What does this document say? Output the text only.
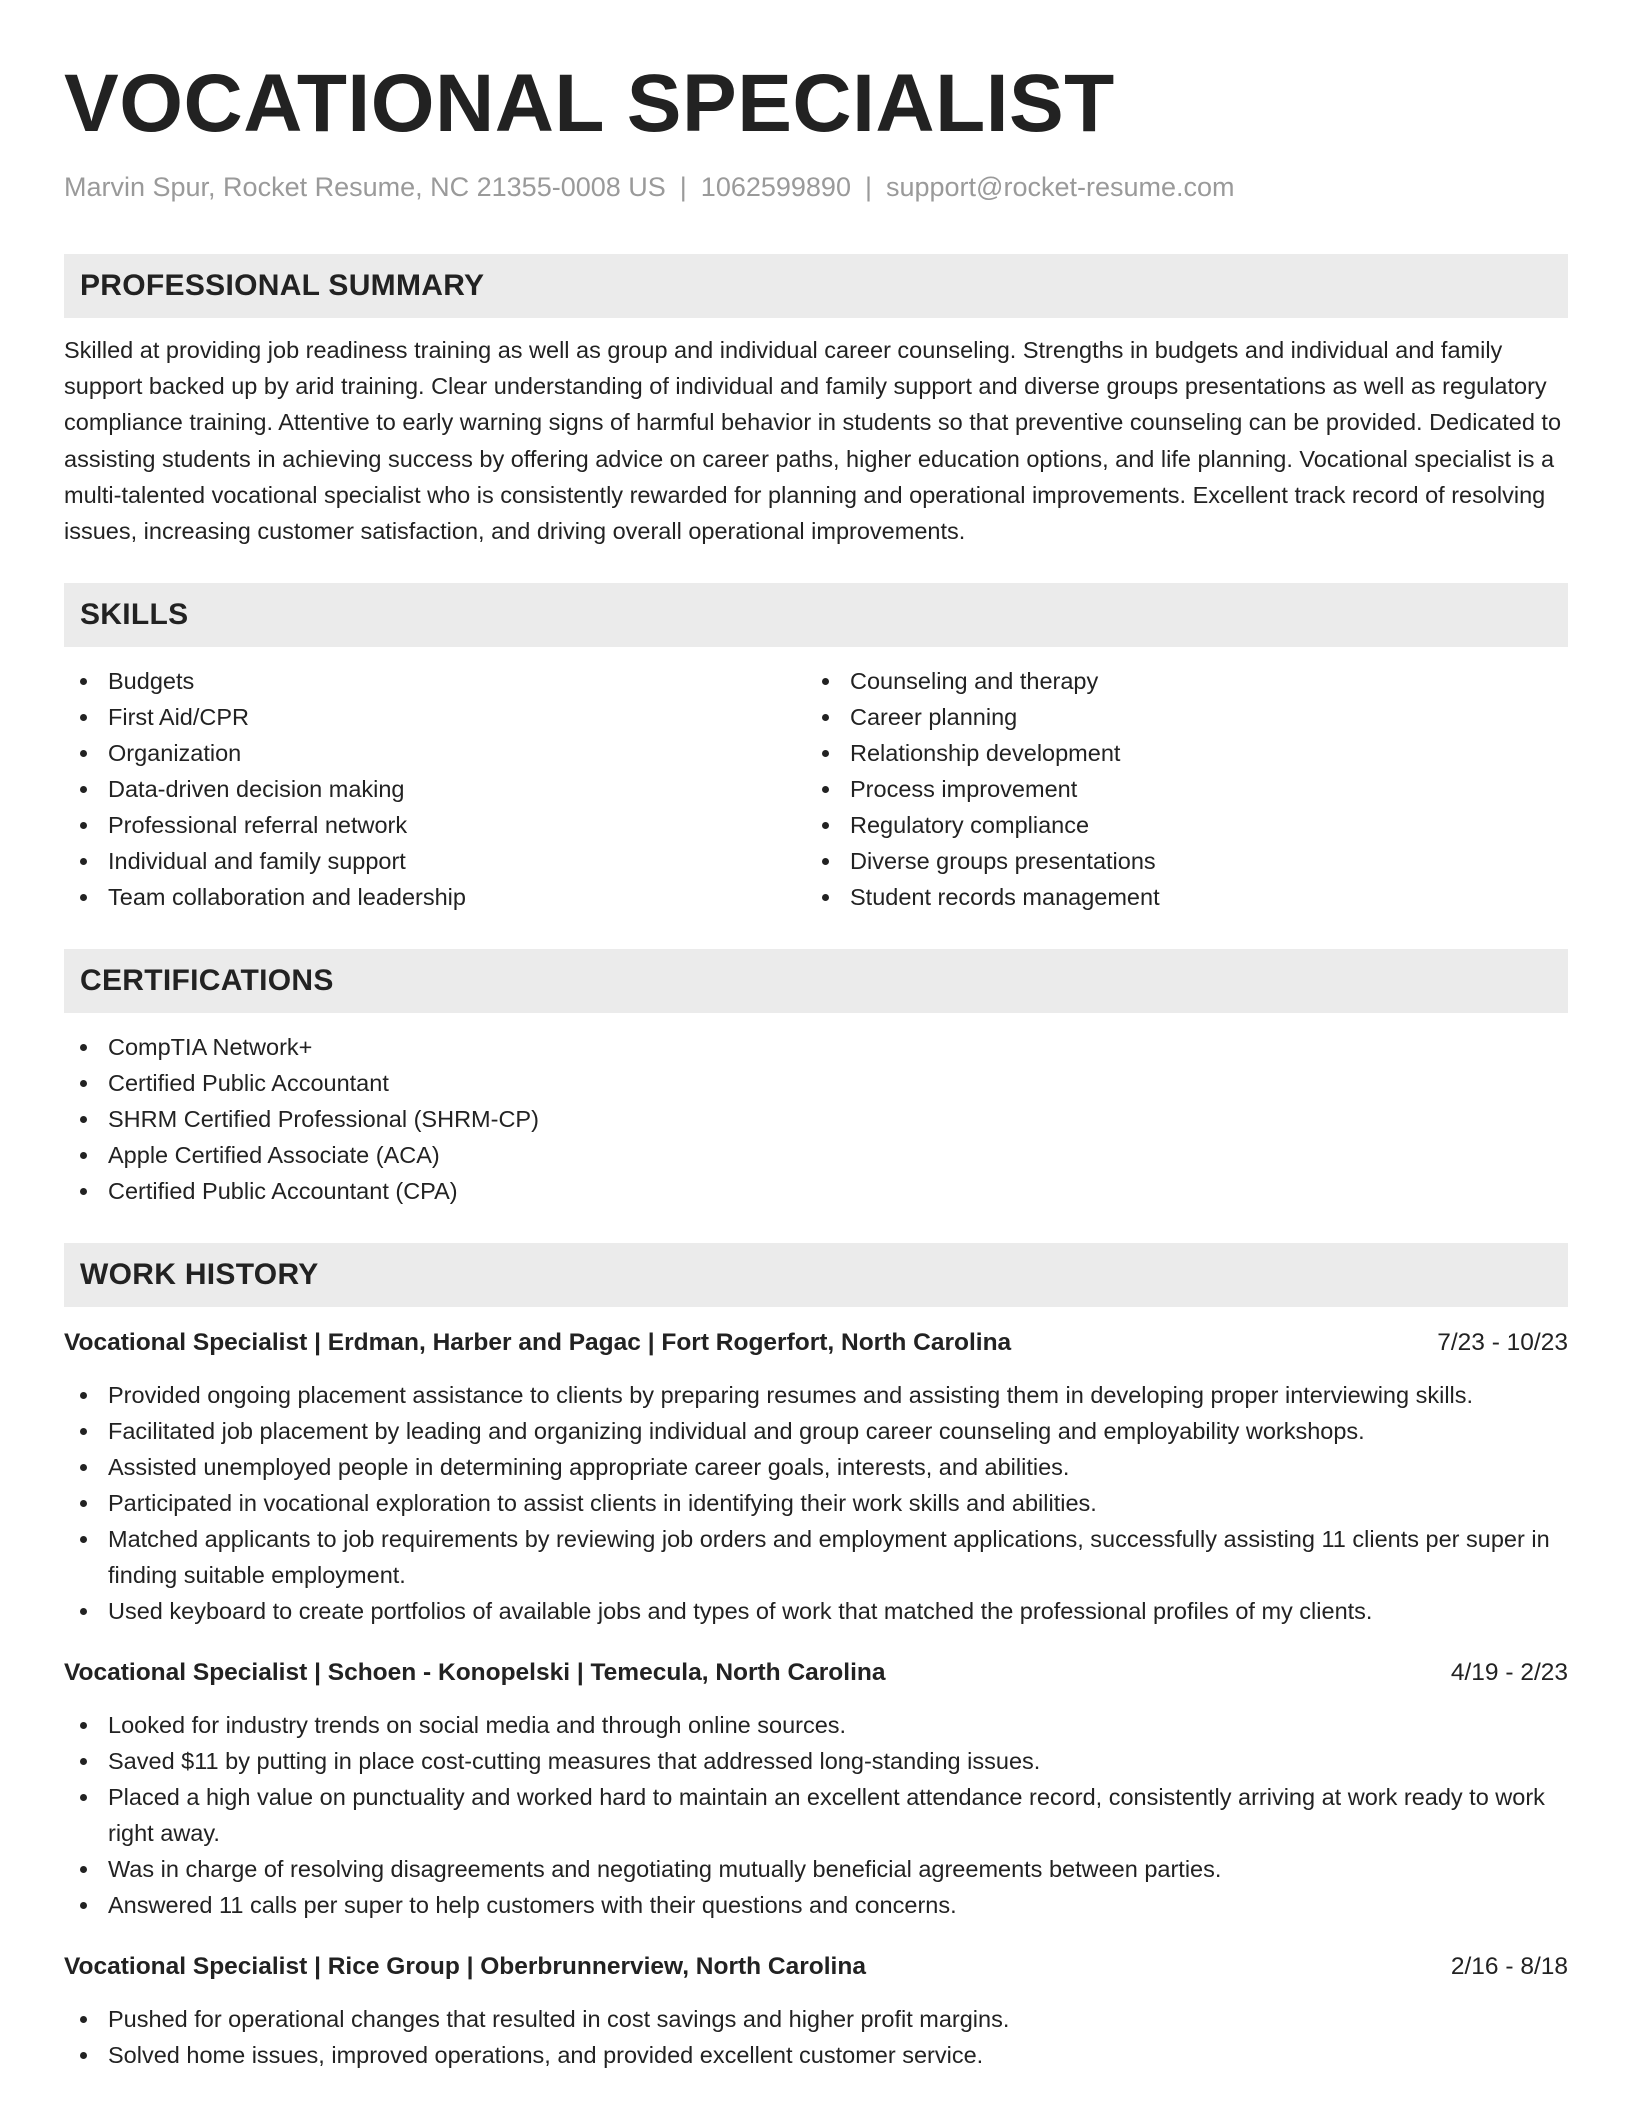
VOCATIONAL SPECIALIST
Marvin Spur, Rocket Resume, NC 21355-0008 US | 1062599890 | support@rocket-resume.com
PROFESSIONAL SUMMARY

Skilled at providing job readiness training as well as group and individual career counseling. Strengths in budgets and individual and family support backed up by arid training. Clear understanding of individual and family support and diverse groups presentations as well as regulatory compliance training. Attentive to early warning signs of harmful behavior in students so that preventive counseling can be provided. Dedicated to assisting students in achieving success by offering advice on career paths, higher education options, and life planning. Vocational specialist is a multi-talented vocational specialist who is consistently rewarded for planning and operational improvements. Excellent track record of resolving issues, increasing customer satisfaction, and driving overall operational improvements.

SKILLS
Budgets
First Aid/CPR
Organization
Data-driven decision making
Professional referral network
Individual and family support
Team collaboration and leadership
Counseling and therapy
Career planning
Relationship development
Process improvement
Regulatory compliance
Diverse groups presentations
Student records management
CERTIFICATIONS
CompTIA Network+
Certified Public Accountant
SHRM Certified Professional (SHRM-CP)
Apple Certified Associate (ACA)
Certified Public Accountant (CPA)
WORK HISTORY
Vocational Specialist | Erdman, Harber and Pagac | Fort Rogerfort, North Carolina	7/23 - 10/23
Provided ongoing placement assistance to clients by preparing resumes and assisting them in developing proper interviewing skills.
Facilitated job placement by leading and organizing individual and group career counseling and employability workshops.
Assisted unemployed people in determining appropriate career goals, interests, and abilities.
Participated in vocational exploration to assist clients in identifying their work skills and abilities.
Matched applicants to job requirements by reviewing job orders and employment applications, successfully assisting 11 clients per super in finding suitable employment.
Used keyboard to create portfolios of available jobs and types of work that matched the professional profiles of my clients.
Vocational Specialist | Schoen - Konopelski | Temecula, North Carolina	4/19 - 2/23
Looked for industry trends on social media and through online sources.
Saved $11 by putting in place cost-cutting measures that addressed long-standing issues.
Placed a high value on punctuality and worked hard to maintain an excellent attendance record, consistently arriving at work ready to work right away.
Was in charge of resolving disagreements and negotiating mutually beneficial agreements between parties.
Answered 11 calls per super to help customers with their questions and concerns.
Vocational Specialist | Rice Group | Oberbrunnerview, North Carolina	2/16 - 8/18
Pushed for operational changes that resulted in cost savings and higher profit margins.
Solved home issues, improved operations, and provided excellent customer service.
